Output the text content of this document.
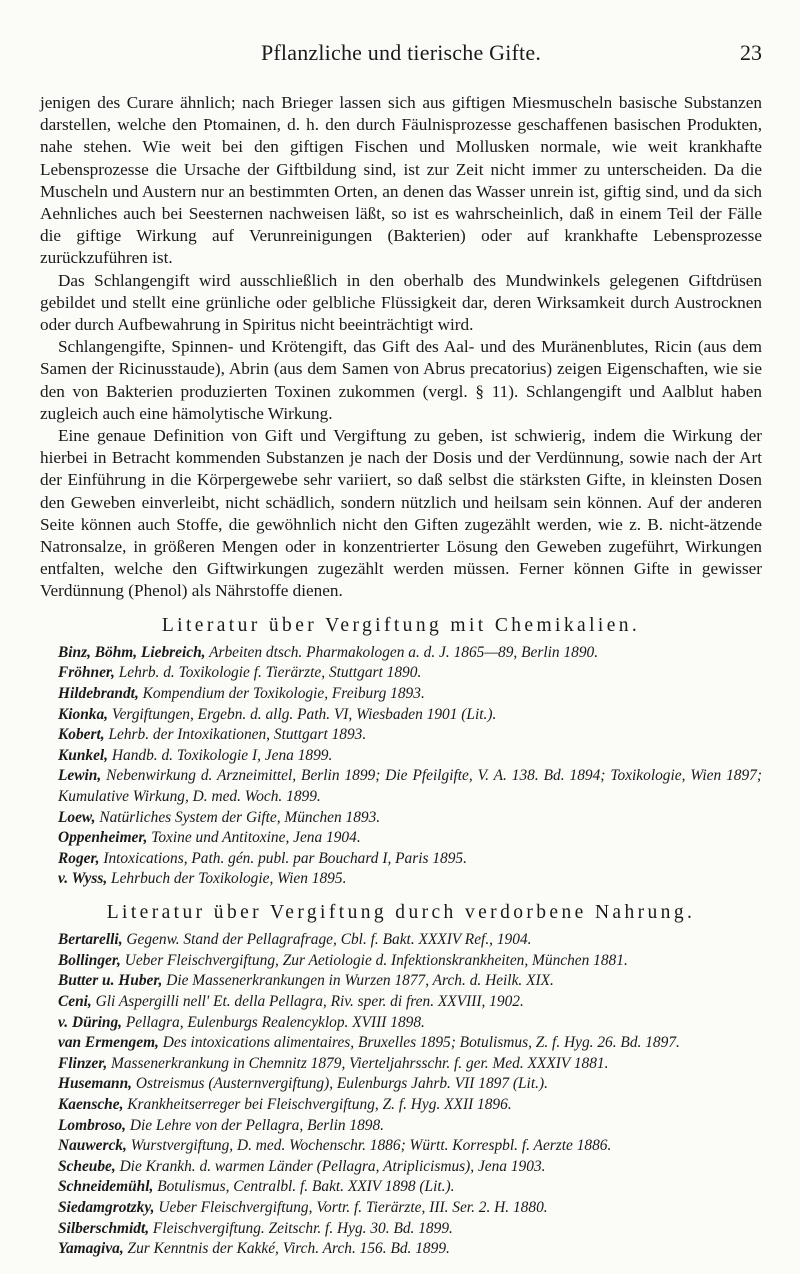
Pflanzliche und tierische Gifte.	23

jenigen des Curare ähnlich; nach Brieger lassen sich aus giftigen Miesmuscheln basische Substanzen darstellen, welche den Ptomainen, d. h. den durch Fäulnisprozesse geschaffenen basischen Produkten, nahe stehen. Wie weit bei den giftigen Fischen und Mollusken normale, wie weit krankhafte Lebensprozesse die Ursache der Giftbildung sind, ist zur Zeit nicht immer zu unterscheiden. Da die Muscheln und Austern nur an bestimmten Orten, an denen das Wasser unrein ist, giftig sind, und da sich Aehnliches auch bei Seesternen nachweisen läßt, so ist es wahrscheinlich, daß in einem Teil der Fälle die giftige Wirkung auf Verunreinigungen (Bakterien) oder auf krankhafte Lebensprozesse zurückzuführen ist.

Das Schlangengift wird ausschließlich in den oberhalb des Mundwinkels gelegenen Giftdrüsen gebildet und stellt eine grünliche oder gelbliche Flüssigkeit dar, deren Wirksamkeit durch Austrocknen oder durch Aufbewahrung in Spiritus nicht beeinträchtigt wird.

Schlangengifte, Spinnen- und Krötengift, das Gift des Aal- und des Muränenblutes, Ricin (aus dem Samen der Ricinusstaude), Abrin (aus dem Samen von Abrus precatorius) zeigen Eigenschaften, wie sie den von Bakterien produzierten Toxinen zukommen (vergl. § 11). Schlangengift und Aalblut haben zugleich auch eine hämolytische Wirkung.

Eine genaue Definition von Gift und Vergiftung zu geben, ist schwierig, indem die Wirkung der hierbei in Betracht kommenden Substanzen je nach der Dosis und der Verdünnung, sowie nach der Art der Einführung in die Körpergewebe sehr variiert, so daß selbst die stärksten Gifte, in kleinsten Dosen den Geweben einverleibt, nicht schädlich, sondern nützlich und heilsam sein können. Auf der anderen Seite können auch Stoffe, die gewöhnlich nicht den Giften zugezählt werden, wie z. B. nicht-ätzende Natronsalze, in größeren Mengen oder in konzentrierter Lösung den Geweben zugeführt, Wirkungen entfalten, welche den Giftwirkungen zugezählt werden müssen. Ferner können Gifte in gewisser Verdünnung (Phenol) als Nährstoffe dienen.

Literatur über Vergiftung mit Chemikalien.

Binz, Böhm, Liebreich, Arbeiten dtsch. Pharmakologen a. d. J. 1865—89, Berlin 1890.

Fröhner, Lehrb. d. Toxikologie f. Tierärzte, Stuttgart 1890.

Hildebrandt, Kompendium der Toxikologie, Freiburg 1893.

Kionka, Vergiftungen, Ergebn. d. allg. Path. VI, Wiesbaden 1901 (Lit.).

Kobert, Lehrb. der Intoxikationen, Stuttgart 1893.

Kunkel, Handb. d. Toxikologie I, Jena 1899.

Lewin, Nebenwirkung d. Arzneimittel, Berlin 1899; Die Pfeilgifte, V. A. 138. Bd. 1894; Toxikologie, Wien 1897; Kumulative Wirkung, D. med. Woch. 1899.

Loew, Natürliches System der Gifte, München 1893.

Oppenheimer, Toxine und Antitoxine, Jena 1904.

Roger, Intoxications, Path. gén. publ. par Bouchard I, Paris 1895.

v. Wyss, Lehrbuch der Toxikologie, Wien 1895.

Literatur über Vergiftung durch verdorbene Nahrung.

Bertarelli, Gegenw. Stand der Pellagrafrage, Cbl. f. Bakt. XXXIV Ref., 1904.

Bollinger, Ueber Fleischvergiftung, Zur Aetiologie d. Infektionskrankheiten, München 1881.

Butter u. Huber, Die Massenerkrankungen in Wurzen 1877, Arch. d. Heilk. XIX.

Ceni, Gli Aspergilli nell' Et. della Pellagra, Riv. sper. di fren. XXVIII, 1902.

v. Düring, Pellagra, Eulenburgs Realencyklop. XVIII 1898.

van Ermengem, Des intoxications alimentaires, Bruxelles 1895; Botulismus, Z. f. Hyg. 26. Bd. 1897.

Flinzer, Massenerkrankung in Chemnitz 1879, Vierteljahrsschr. f. ger. Med. XXXIV 1881.

Husemann, Ostreismus (Austernvergiftung), Eulenburgs Jahrb. VII 1897 (Lit.).

Kaensche, Krankheitserreger bei Fleischvergiftung, Z. f. Hyg. XXII 1896.

Lombroso, Die Lehre von der Pellagra, Berlin 1898.

Nauwerck, Wurstvergiftung, D. med. Wochenschr. 1886; Württ. Korrespbl. f. Aerzte 1886.

Scheube, Die Krankh. d. warmen Länder (Pellagra, Atriplicismus), Jena 1903.

Schneidemühl, Botulismus, Centralbl. f. Bakt. XXIV 1898 (Lit.).

Siedamgrotzky, Ueber Fleischvergiftung, Vortr. f. Tierärzte, III. Ser. 2. H. 1880.

Silberschmidt, Fleischvergiftung. Zeitschr. f. Hyg. 30. Bd. 1899.

Yamagiva, Zur Kenntnis der Kakké, Virch. Arch. 156. Bd. 1899.
